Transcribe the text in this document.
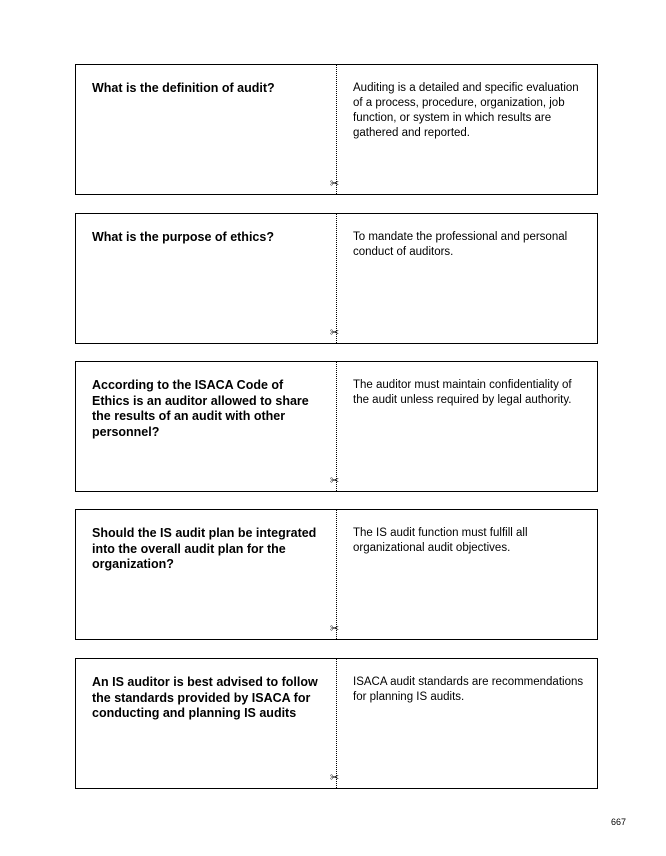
What is the definition of audit?
✂
Auditing is a detailed and specific evaluation of a process, procedure, organization, job function, or system in which results are gathered and reported.
What is the purpose of ethics?
✂
To mandate the professional and personal conduct of auditors.
According to the ISACA Code of Ethics is an auditor allowed to share the results of an audit with other personnel?
✂
The auditor must maintain confidentiality of the audit unless required by legal authority.
Should the IS audit plan be integrated into the overall audit plan for the organization?
✂
The IS audit function must fulfill all organizational audit objectives.
An IS auditor is best advised to follow the standards provided by ISACA for conducting and planning IS audits
✂
ISACA audit standards are recommendations for planning IS audits.
667
